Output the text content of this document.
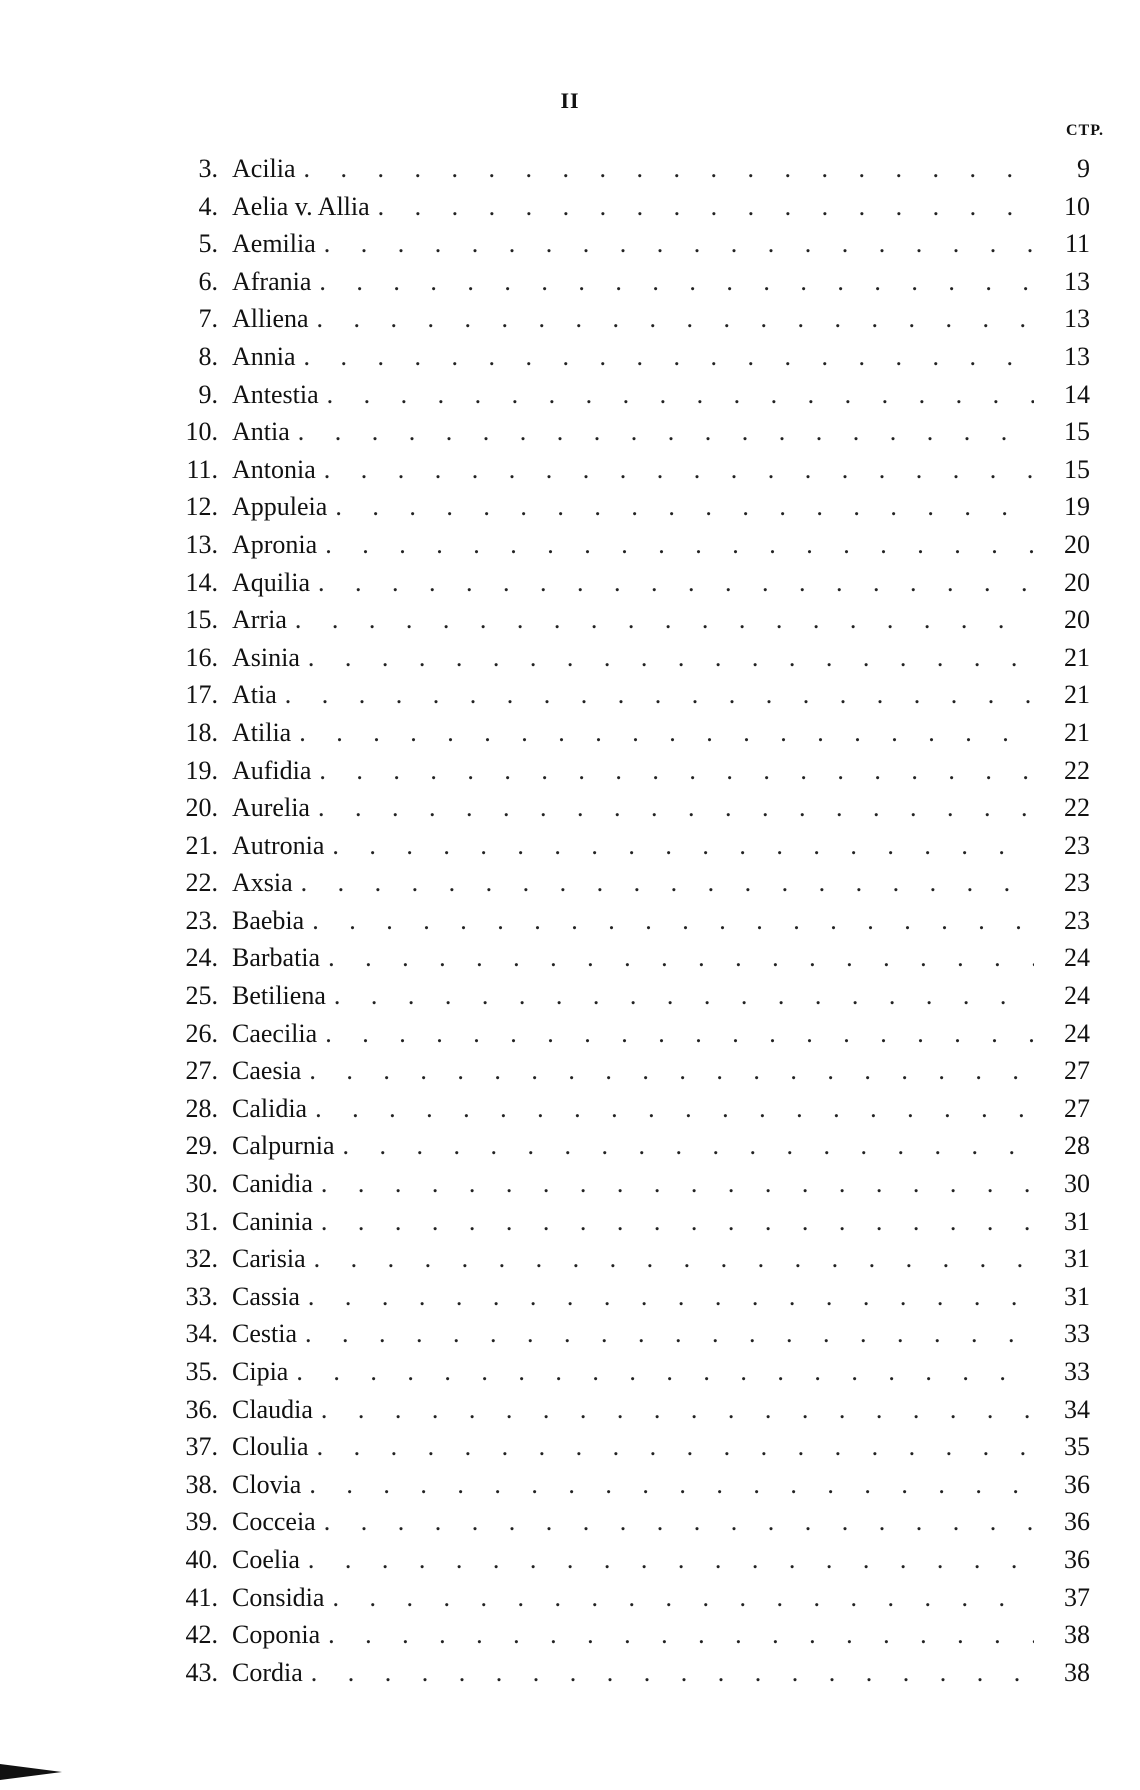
II
СТР.
3. Acilia . . .	9
4. Aelia v. Allia . . .	10
5. Aemilia . . .	11
6. Afrania . . .	13
7. Alliena . . .	13
8. Annia . . .	13
9. Antestia . . .	14
10. Antia . . .	15
11. Antonia . . .	15
12. Appuleia . . .	19
13. Apronia . . .	20
14. Aquilia . . .	20
15. Arria . . .	20
16. Asinia . . .	21
17. Atia . . .	21
18. Atilia . . .	21
19. Aufidia . . .	22
20. Aurelia . . .	22
21. Autronia . . .	23
22. Axsia . . .	23
23. Baebia . . .	23
24. Barbatia . . .	24
25. Betiliena . . .	24
26. Caecilia . . .	24
27. Caesia . . .	27
28. Calidia . . .	27
29. Calpurnia . . .	28
30. Canidia . . .	30
31. Caninia . . .	31
32. Carisia . . .	31
33. Cassia . . .	31
34. Cestia . . .	33
35. Cipia . . .	33
36. Claudia . . .	34
37. Cloulia . . .	35
38. Clovia . . .	36
39. Cocceia . . .	36
40. Coelia . . .	36
41. Considia . . .	37
42. Coponia . . .	38
43. Cordia . . .	38
